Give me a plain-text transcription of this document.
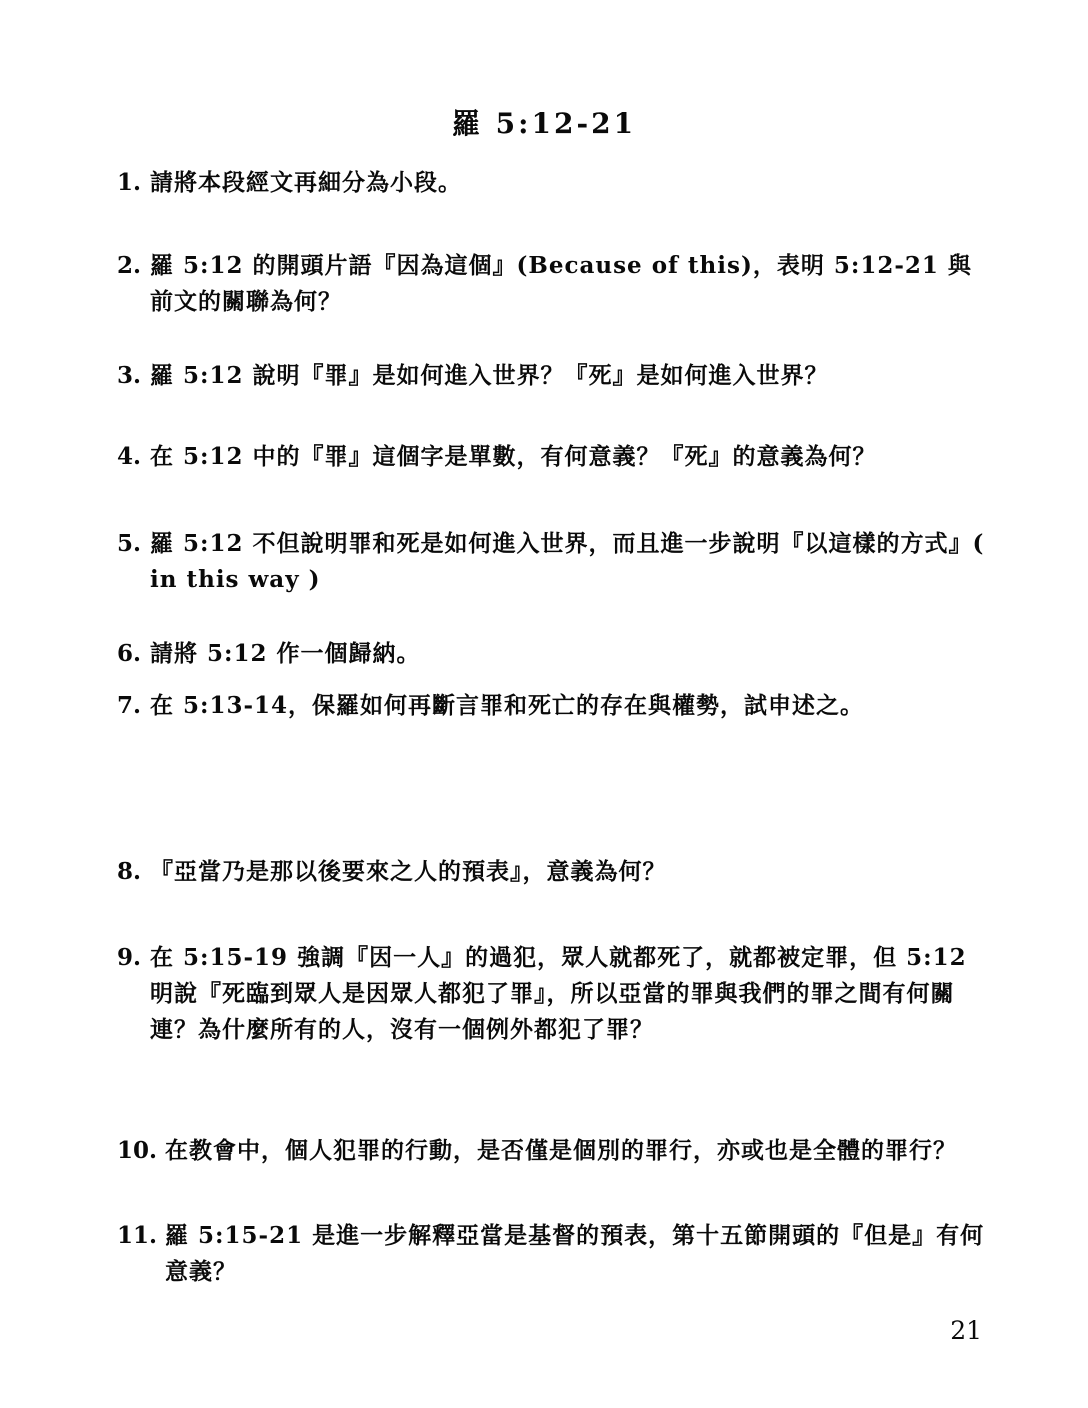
羅 5:12-21
1. 請將本段經文再細分為小段。
2. 羅 5:12 的開頭片語『因為這個』(Because of this)，表明 5:12-21 與前文的關聯為何？
3. 羅 5:12 說明『罪』是如何進入世界？『死』是如何進入世界？
4. 在 5:12 中的『罪』這個字是單數，有何意義？『死』的意義為何？
5. 羅 5:12 不但說明罪和死是如何進入世界，而且進一步說明『以這樣的方式』( in this way )
6. 請將 5:12 作一個歸納。
7. 在 5:13-14，保羅如何再斷言罪和死亡的存在與權勢，試申述之。
8. 『亞當乃是那以後要來之人的預表』，意義為何？
9. 在 5:15-19 強調『因一人』的過犯，眾人就都死了，就都被定罪，但 5:12 明說『死臨到眾人是因眾人都犯了罪』，所以亞當的罪與我們的罪之間有何關連？為什麼所有的人，沒有一個例外都犯了罪？
10. 在教會中，個人犯罪的行動，是否僅是個別的罪行，亦或也是全體的罪行？
11. 羅 5:15-21 是進一步解釋亞當是基督的預表，第十五節開頭的『但是』有何意義？
21
